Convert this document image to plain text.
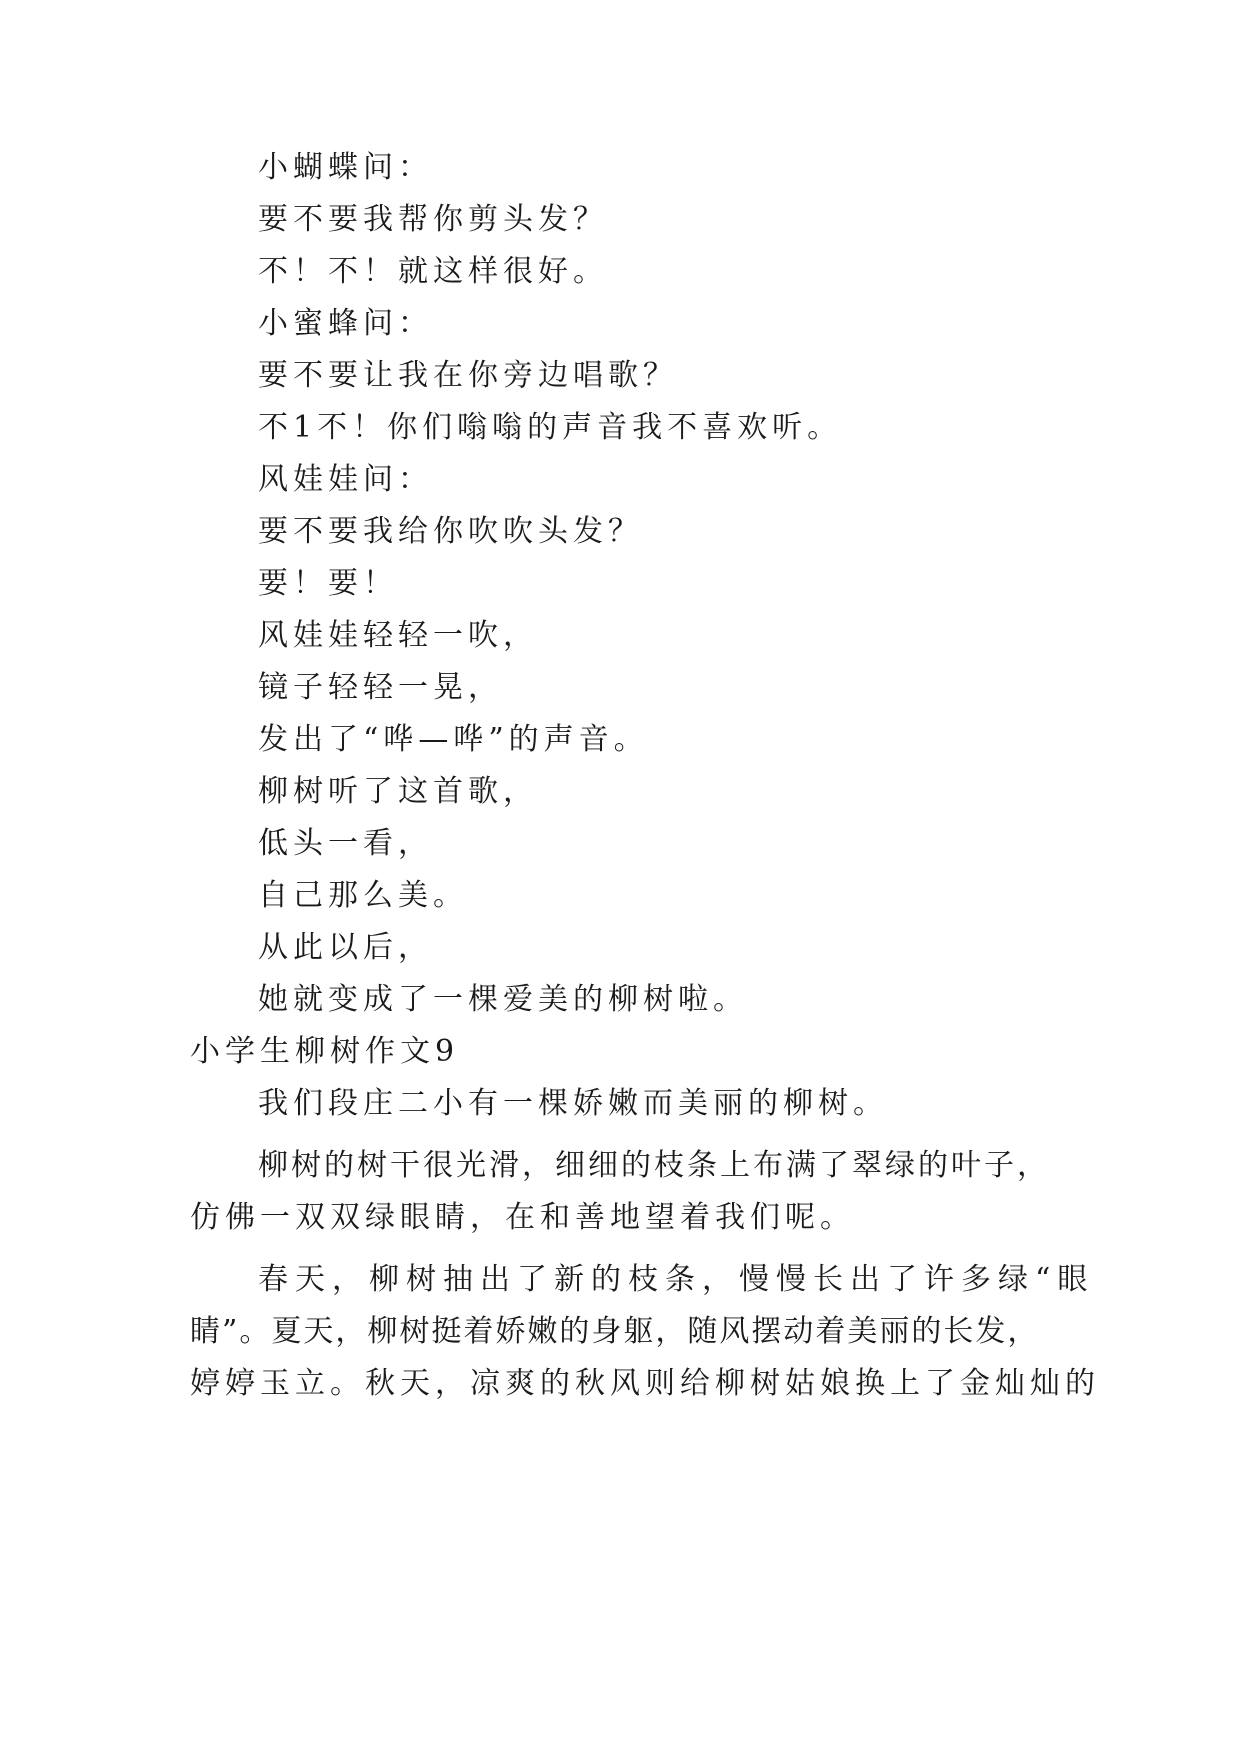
小蝴蝶问：
要不要我帮你剪头发？
不！不！就这样很好。
小蜜蜂问：
要不要让我在你旁边唱歌？
不1不！你们嗡嗡的声音我不喜欢听。
风娃娃问：
要不要我给你吹吹头发？
要！要！
风娃娃轻轻一吹，
镜子轻轻一晃，
发出了“哗—哗”的声音。
柳树听了这首歌，
低头一看，
自己那么美。
从此以后，
她就变成了一棵爱美的柳树啦。
小学生柳树作文9
我们段庄二小有一棵娇嫩而美丽的柳树。
柳树的树干很光滑，细细的枝条上布满了翠绿的叶子，
仿佛一双双绿眼睛，在和善地望着我们呢。
春天，柳树抽出了新的枝条，慢慢长出了许多绿“眼
睛”。夏天，柳树挺着娇嫩的身躯，随风摆动着美丽的长发，
婷婷玉立。秋天，凉爽的秋风则给柳树姑娘换上了金灿灿的
